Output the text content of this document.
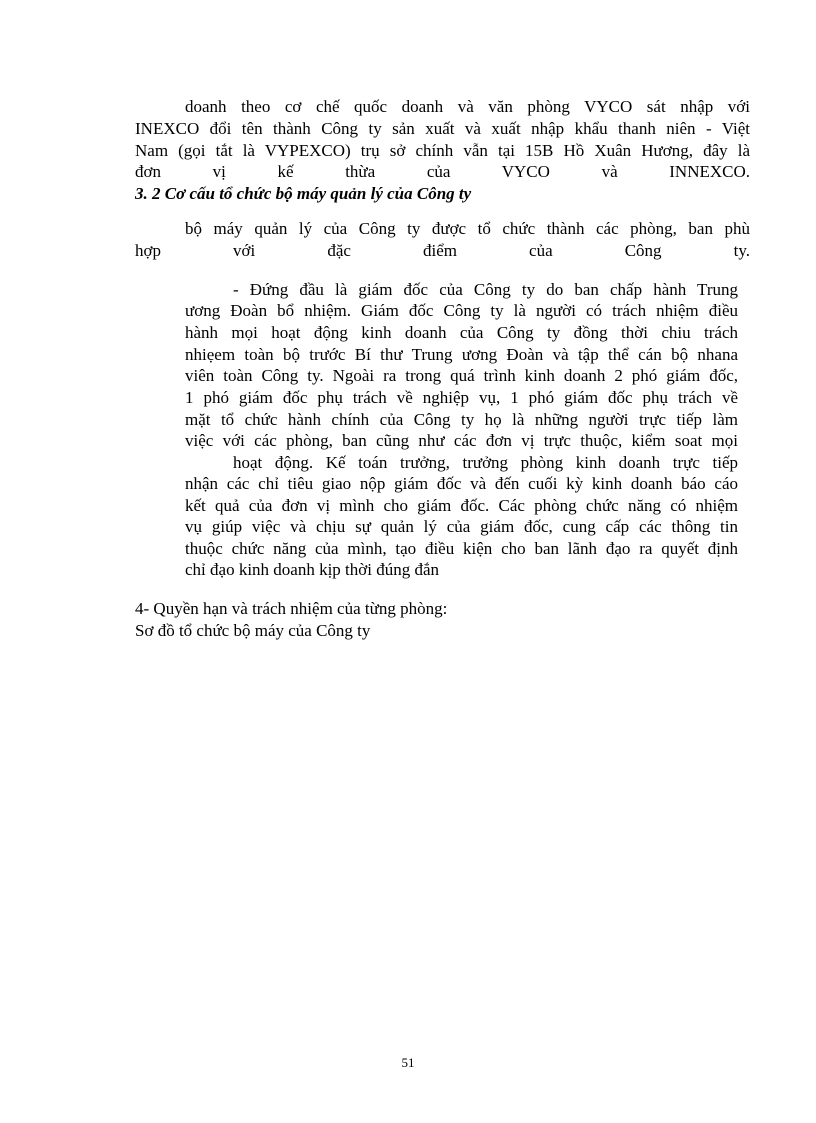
doanh theo cơ chế quốc doanh và văn phòng VYCO sát nhập với
INEXCO đổi tên thành Công ty sản xuất và xuất nhập khẩu thanh niên - Việt
Nam (gọi tắt là VYPEXCO) trụ sở chính vẫn tại 15B Hồ Xuân Hương, đây là
đơn vị kế thừa của VYCO và INNEXCO.
3. 2 Cơ cấu tổ chức bộ máy quản lý của Công ty
bộ máy quản lý của Công ty được tổ chức thành các phòng, ban phù
hợp với đặc điểm của Công ty.
- Đứng đầu là giám đốc của Công ty do ban chấp hành Trung
ương Đoàn bổ nhiệm. Giám đốc Công ty là người có trách nhiệm điều
hành mọi hoạt động kinh doanh của Công ty đồng thời chiu trách
nhiẹem toàn bộ trước Bí thư Trung ương Đoàn và tập thể cán bộ nhana
viên toàn Công ty. Ngoài ra trong quá trình kinh doanh 2 phó giám đốc,
1 phó giám đốc phụ trách về nghiệp vụ, 1 phó giám đốc phụ trách về
mặt tổ chức hành chính của Công ty họ là những người trực tiếp làm
việc với các phòng, ban cũng như các đơn vị trực thuộc, kiểm soat mọi
hoạt động. Kế toán trưởng, trưởng phòng kinh doanh trực tiếp
nhận các chỉ tiêu giao nộp giám đốc và đến cuối kỳ kinh doanh báo cáo
kết quả của đơn vị mình cho giám đốc. Các phòng chức năng có nhiệm
vụ giúp việc và chịu sự quản lý của giám đốc, cung cấp các thông tin
thuộc chức năng của mình, tạo điều kiện cho ban lãnh đạo ra quyết định
chỉ đạo kinh doanh kịp thời đúng đắn
4- Quyền hạn và trách nhiệm của từng phòng:
Sơ đồ tổ chức bộ máy của Công ty
51
